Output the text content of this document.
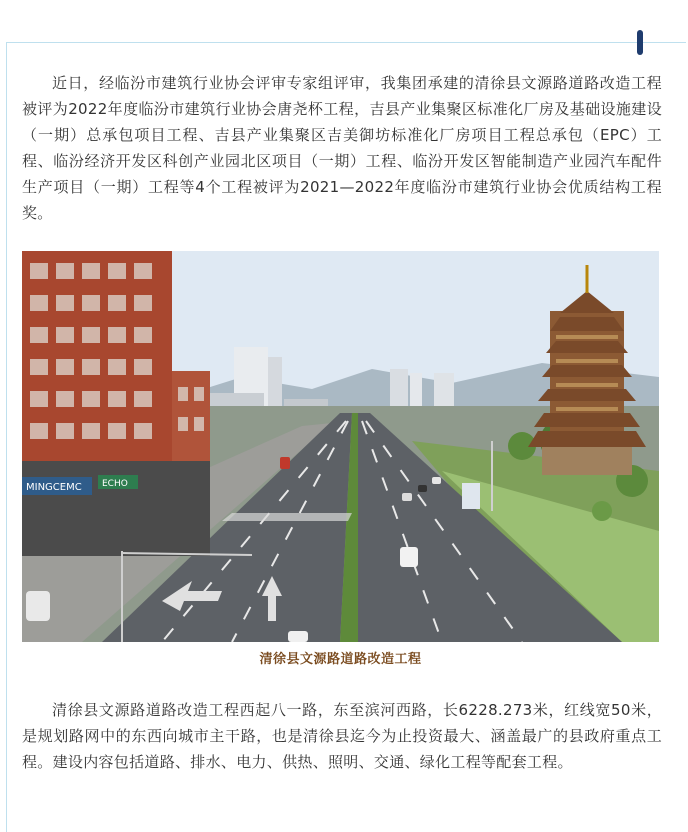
近日，经临汾市建筑行业协会评审专家组评审，我集团承建的清徐县文源路道路改造工程被评为2022年度临汾市建筑行业协会唐尧杯工程，吉县产业集聚区标准化厂房及基础设施建设（一期）总承包项目工程、吉县产业集聚区吉美御坊标准化厂房项目工程总承包（EPC）工程、临汾经济开发区科创产业园北区项目（一期）工程、临汾开发区智能制造产业园汽车配件生产项目（一期）工程等4个工程被评为2021—2022年度临汾市建筑行业协会优质结构工程奖。

MINGCEMC ECHO
清徐县文源路道路改造工程

清徐县文源路道路改造工程西起八一路，东至滨河西路，长6228.273米，红线宽50米，是规划路网中的东西向城市主干路，也是清徐县迄今为止投资最大、涵盖最广的县政府重点工程。建设内容包括道路、排水、电力、供热、照明、交通、绿化工程等配套工程。
